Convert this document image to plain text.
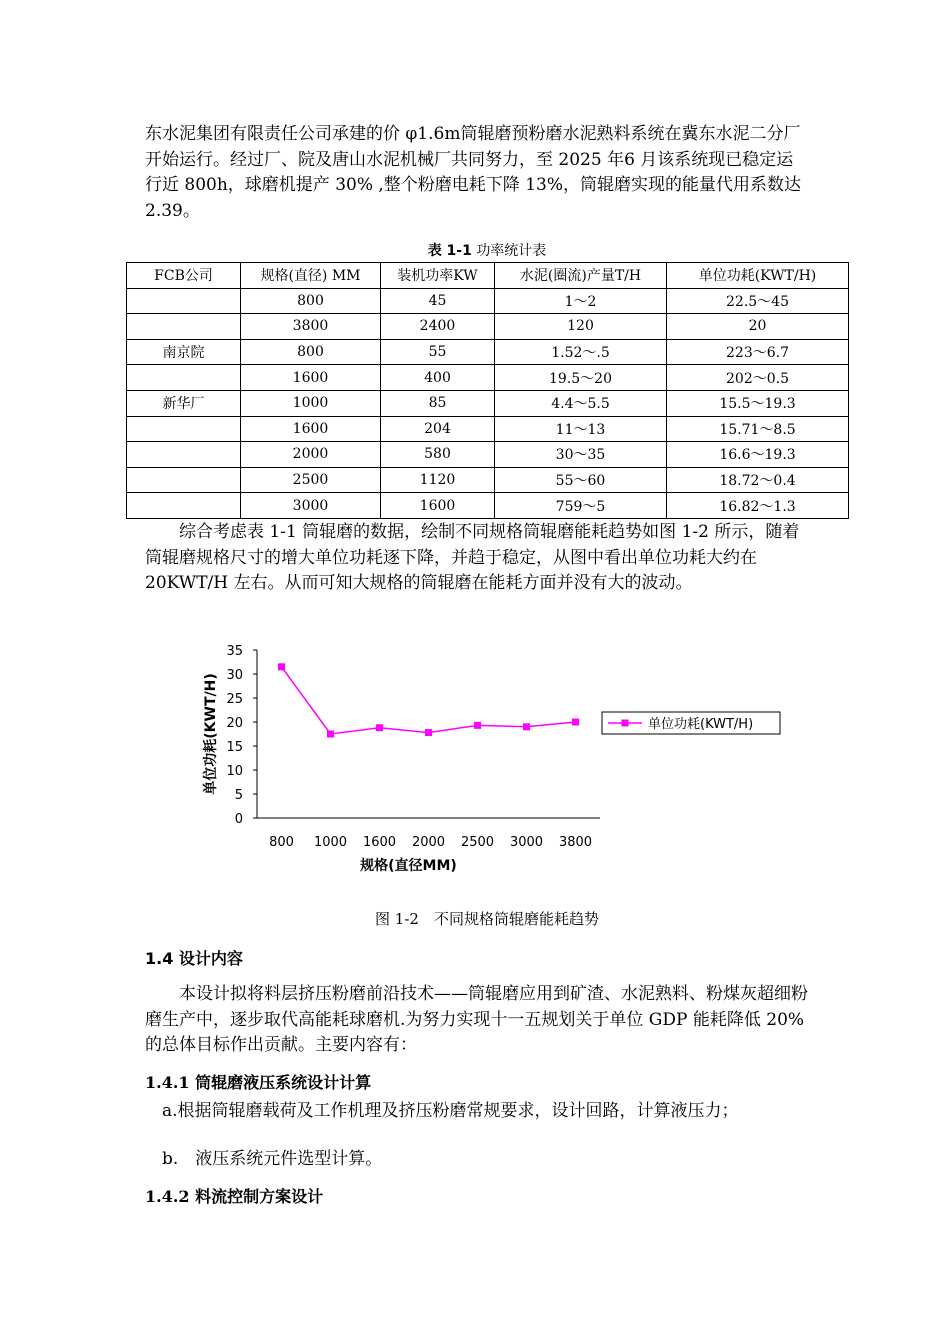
东水泥集团有限责任公司承建的价 φ1.6m筒辊磨预粉磨水泥熟料系统在冀东水泥二分厂开始运行。经过厂、院及唐山水泥机械厂共同努力，至 2025 年6 月该系统现已稳定运行近 800h，球磨机提产 30% ,整个粉磨电耗下降 13%，筒辊磨实现的能量代用系数达 2.39。

表 1-1 功率统计表

FCB公司	规格(直径) MM	装机功率KW	水泥(圈流)产量T/H	单位功耗(KWT/H)
	800	45	1～2	22.5～45
	3800	2400	120	20
南京院	800	55	1.52～.5	223～6.7
	1600	400	19.5～20	202～0.5
新华厂	1000	85	4.4～5.5	15.5～19.3
	1600	204	11～13	15.71～8.5
	2000	580	30～35	16.6～19.3
	2500	1120	55～60	18.72～0.4
	3000	1600	759～5	16.82～1.3

综合考虑表 1-1 筒辊磨的数据，绘制不同规格筒辊磨能耗趋势如图 1-2 所示，随着筒辊磨规格尺寸的增大单位功耗逐下降，并趋于稳定，从图中看出单位功耗大约在 20KWT/H 左右。从而可知大规格的筒辊磨在能耗方面并没有大的波动。

0
5
10
15
20
25
30
35
800 1000 1600 2000 2500 3000 3800
规格(直径MM)
单位功耗(KWT/H)	单位功耗(KWT/H)

图 1-2　不同规格筒辊磨能耗趋势

1.4 设计内容

本设计拟将料层挤压粉磨前沿技术——筒辊磨应用到矿渣、水泥熟料、粉煤灰超细粉磨生产中，逐步取代高能耗球磨机.为努力实现十一五规划关于单位 GDP 能耗降低 20%的总体目标作出贡献。主要内容有：

1.4.1 筒辊磨液压系统设计计算

a.根据筒辊磨载荷及工作机理及挤压粉磨常规要求，设计回路，计算液压力；

b.　液压系统元件选型计算。

1.4.2 料流控制方案设计
